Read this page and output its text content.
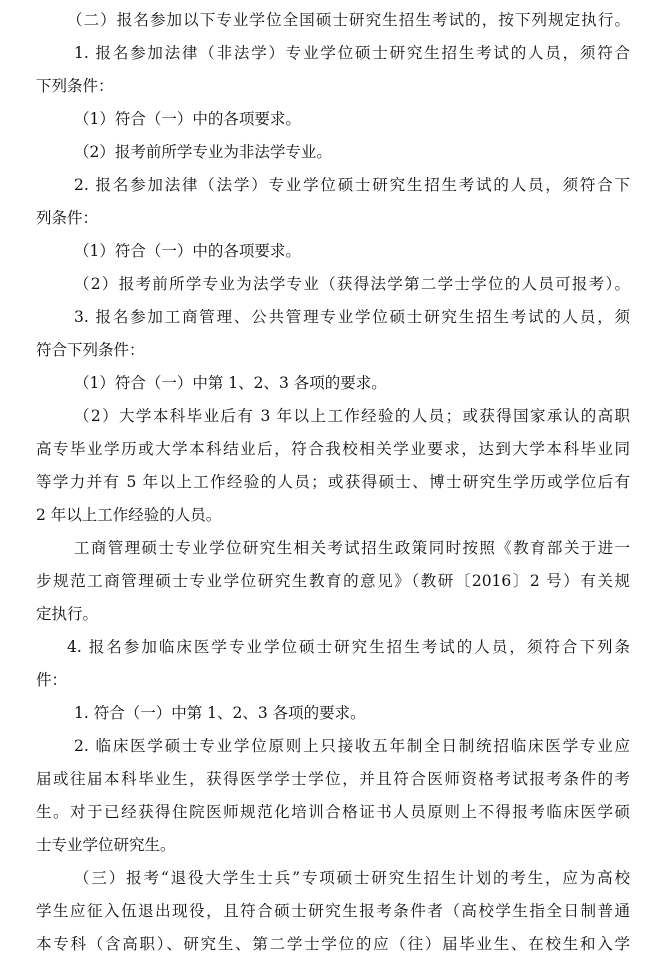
（二）报名参加以下专业学位全国硕士研究生招生考试的，按下列规定执行。
1. 报名参加法律（非法学）专业学位硕士研究生招生考试的人员，须符合
下列条件：
（1）符合（一）中的各项要求。
（2）报考前所学专业为非法学专业。
2. 报名参加法律（法学）专业学位硕士研究生招生考试的人员，须符合下
列条件：
（1）符合（一）中的各项要求。
（2）报考前所学专业为法学专业（获得法学第二学士学位的人员可报考）。
3. 报名参加工商管理、公共管理专业学位硕士研究生招生考试的人员，须
符合下列条件：
（1）符合（一）中第 1、2、3 各项的要求。
（2）大学本科毕业后有 3 年以上工作经验的人员；或获得国家承认的高职
高专毕业学历或大学本科结业后，符合我校相关学业要求，达到大学本科毕业同
等学力并有 5 年以上工作经验的人员；或获得硕士、博士研究生学历或学位后有
2 年以上工作经验的人员。
工商管理硕士专业学位研究生相关考试招生政策同时按照《教育部关于进一
步规范工商管理硕士专业学位研究生教育的意见》（教研〔2016〕2 号）有关规
定执行。
4. 报名参加临床医学专业学位硕士研究生招生考试的人员，须符合下列条
件：
1. 符合（一）中第 1、2、3 各项的要求。
2. 临床医学硕士专业学位原则上只接收五年制全日制统招临床医学专业应
届或往届本科毕业生，获得医学学士学位，并且符合医师资格考试报考条件的考
生。对于已经获得住院医师规范化培训合格证书人员原则上不得报考临床医学硕
士专业学位研究生。
（三）报考“退役大学生士兵”专项硕士研究生招生计划的考生，应为高校
学生应征入伍退出现役，且符合硕士研究生报考条件者（高校学生指全日制普通
本专科（含高职）、研究生、第二学士学位的应（往）届毕业生、在校生和入学
